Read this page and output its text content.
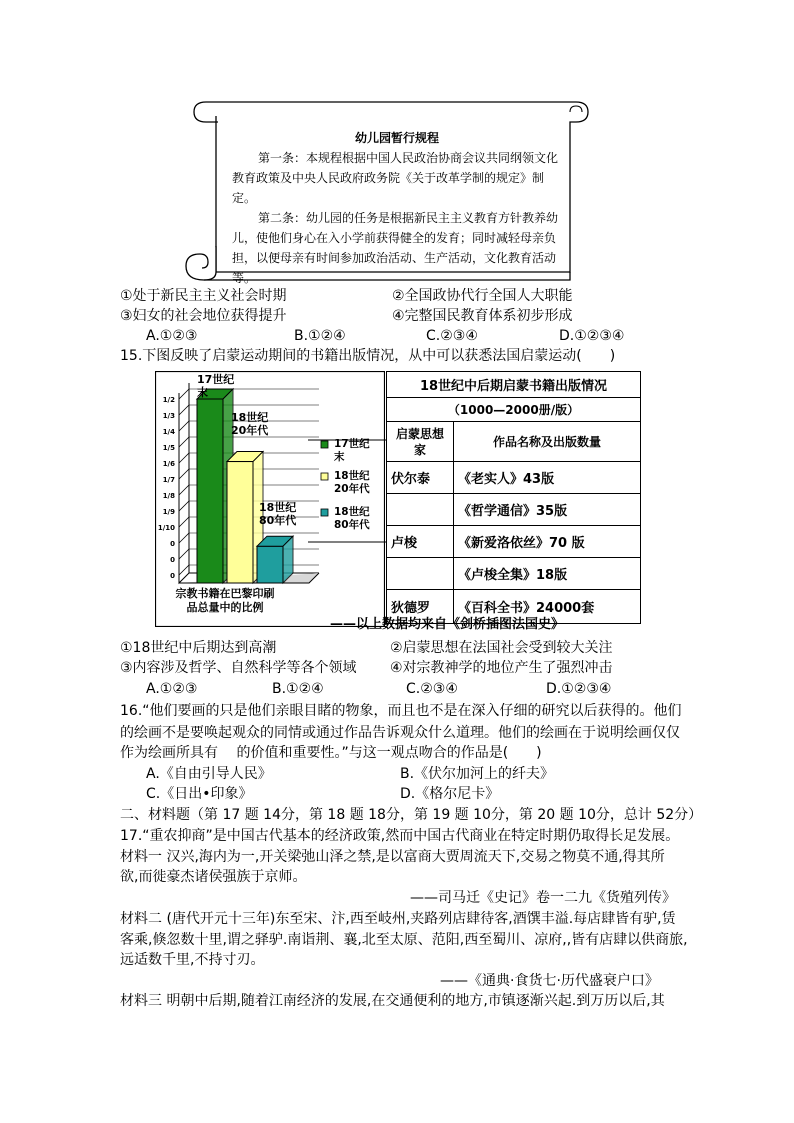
幼儿园暂行规程

第一条：本规程根据中国人民政治协商会议共同纲领文化教育政策及中央人民政府政务院《关于改革学制的规定》制定。

第二条：幼儿园的任务是根据新民主主义教育方针教养幼儿，使他们身心在入小学前获得健全的发育；同时减轻母亲负担，以便母亲有时间参加政治活动、生产活动，文化教育活动等。

①处于新民主主义社会时期	②全国政协代行全国人大职能
③妇女的社会地位获得提升	④完整国民教育体系初步形成
A.①②③	B.①②④	C.②③④	D.①②③④
15.下图反映了启蒙运动期间的书籍出版情况，从中可以获悉法国启蒙运动(　　)
1/2
1/3
1/4
1/5
1/6
1/7
1/8
1/9
1/10
0
0
0
17世纪
末
18世纪
20年代
18世纪
80年代
17世纪
末
18世纪
20年代
18世纪
80年代
宗教书籍在巴黎印刷
品总量中的比例
18世纪中后期启蒙书籍出版情况	
（1000—2000册/版）	
启蒙思想家	作品名称及出版数量
伏尔泰	《老实人》43版
	《哲学通信》35版
卢梭	《新爱洛依丝》70 版
	《卢梭全集》18版
狄德罗	《百科全书》24000套
——以上数据均来自《剑桥插图法国史》
①18世纪中后期达到高潮	②启蒙思想在法国社会受到较大关注
③内容涉及哲学、自然科学等各个领域 ④对宗教神学的地位产生了强烈冲击
A.①②③	B.①②④	C.②③④	D.①②③④
16.“他们要画的只是他们亲眼目睹的物象，而且也不是在深入仔细的研究以后获得的。他们
的绘画不是要唤起观众的同情或通过作品告诉观众什么道理。他们的绘画在于说明绘画仅仅
作为绘画所具有　 的价值和重要性。”与这一观点吻合的作品是(　　)
A.《自由引导人民》	B.《伏尔加河上的纤夫》
C.《日出•印象》	D.《格尔尼卡》
二、材料题（第 17 题 14分，第 18 题 18分，第 19 题 10分，第 20 题 10分，总计 52分）
17.“重农抑商”是中国古代基本的经济政策,然而中国古代商业在特定时期仍取得长足发展。
材料一 汉兴,海内为一,开关梁弛山泽之禁,是以富商大贾周流天下,交易之物莫不通,得其所
欲,而徙豪杰诸侯强族于京师。
——司马迁《史记》卷一二九《货殖列传》
材料二 (唐代开元十三年)东至宋、汴,西至岐州,夹路列店肆待客,酒馔丰溢.每店肆皆有驴,赁
客乘,倏忽数十里,谓之驿驴.南诣荆、襄,北至太原、范阳,西至蜀川、凉府,,皆有店肆以供商旅,
远适数千里,不持寸刃。
——《通典·食货七·历代盛衰户口》
材料三 明朝中后期,随着江南经济的发展,在交通便利的地方,市镇逐渐兴起.到万历以后,其
